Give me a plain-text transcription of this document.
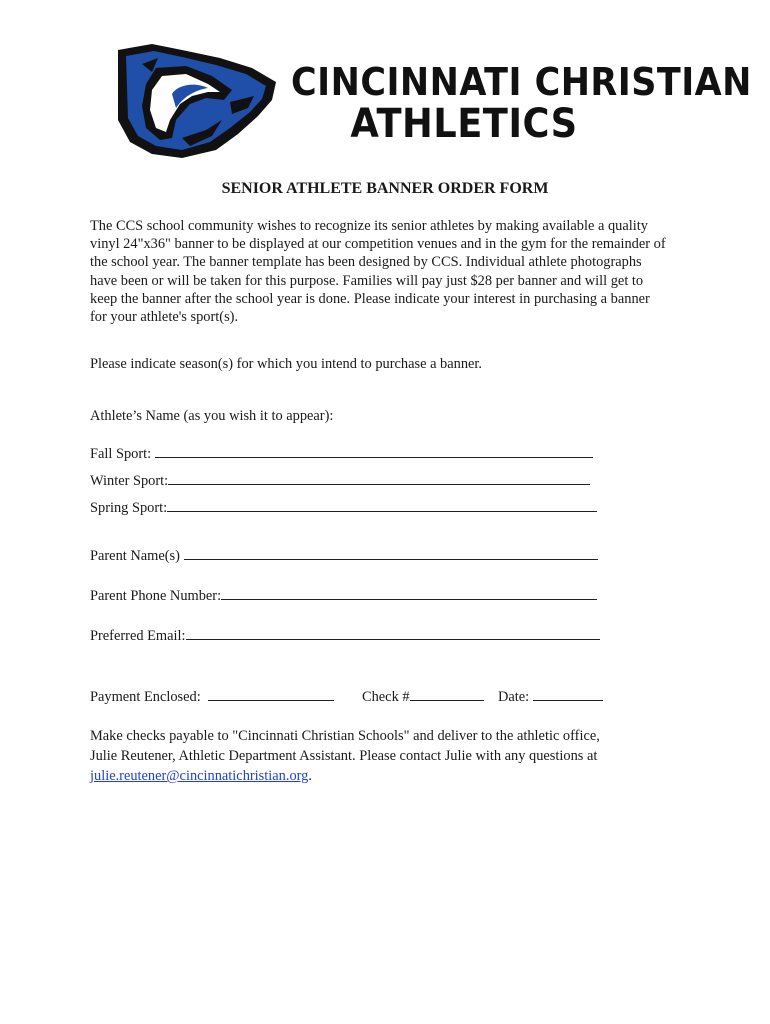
CINCINNATI CHRISTIAN
ATHLETICS
SENIOR ATHLETE BANNER ORDER FORM
The CCS school community wishes to recognize its senior athletes by making available a quality vinyl 24"x36" banner to be displayed at our competition venues and in the gym for the remainder of the school year. The banner template has been designed by CCS. Individual athlete photographs have been or will be taken for this purpose. Families will pay just $28 per banner and will get to keep the banner after the school year is done. Please indicate your interest in purchasing a banner for your athlete's sport(s).
Please indicate season(s) for which you intend to purchase a banner.
Athlete’s Name (as you wish it to appear):
Fall Sport:
Winter Sport:
Spring Sport:
Parent Name(s)
Parent Phone Number:
Preferred Email:
Payment Enclosed:	Check #	Date:
Make checks payable to "Cincinnati Christian Schools" and deliver to the athletic office,
Julie Reutener, Athletic Department Assistant. Please contact Julie with any questions at
julie.reutener@cincinnatichristian.org.
